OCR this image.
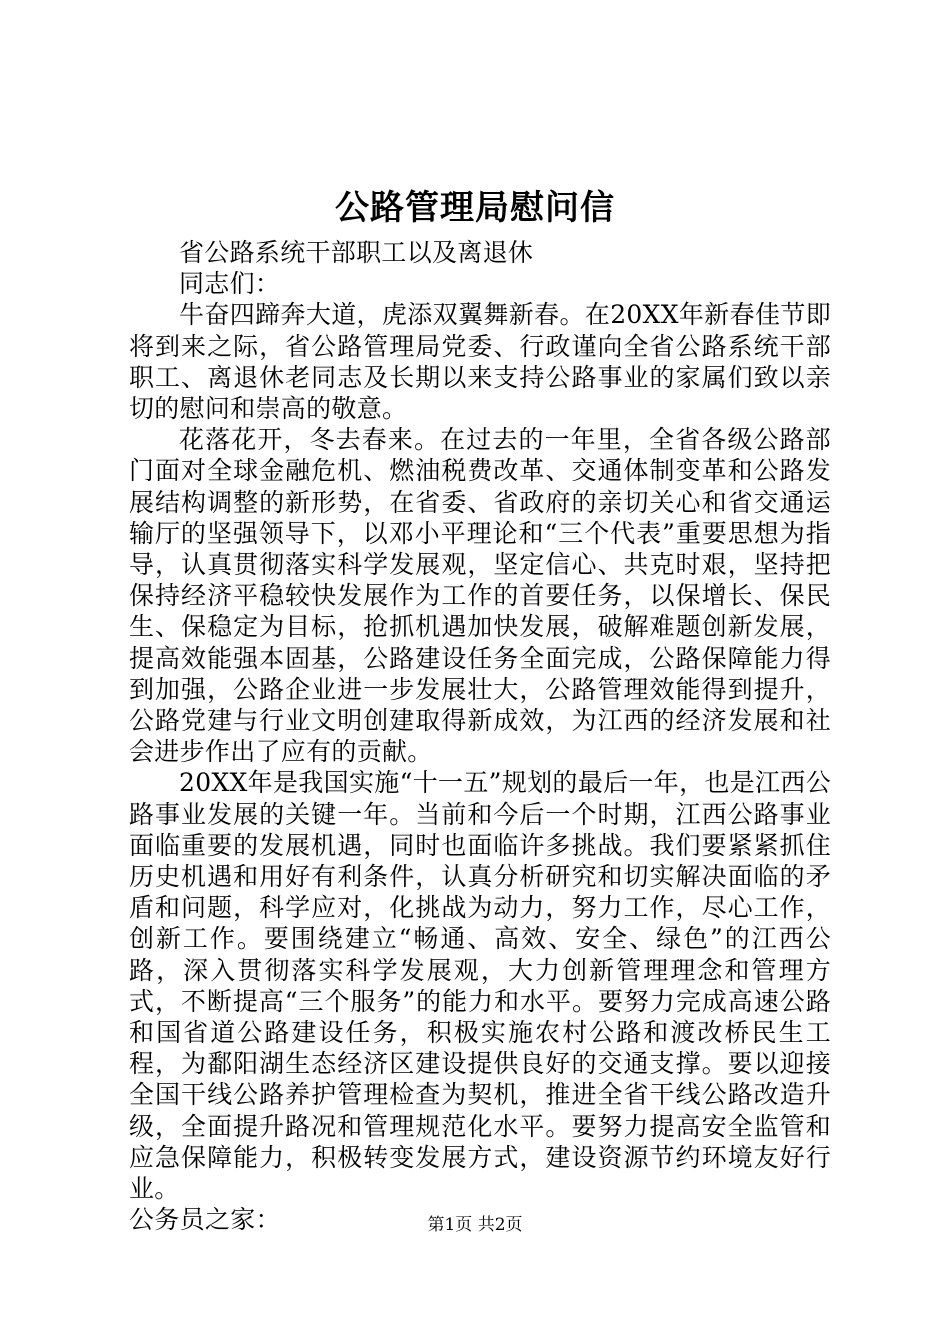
公路管理局慰问信

省公路系统干部职工以及离退休

同志们：

牛奋四蹄奔大道，虎添双翼舞新春。在20XX年新春佳节即将到来之际，省公路管理局党委、行政谨向全省公路系统干部职工、离退休老同志及长期以来支持公路事业的家属们致以亲切的慰问和崇高的敬意。

花落花开，冬去春来。在过去的一年里，全省各级公路部门面对全球金融危机、燃油税费改革、交通体制变革和公路发展结构调整的新形势，在省委、省政府的亲切关心和省交通运输厅的坚强领导下，以邓小平理论和“三个代表”重要思想为指导，认真贯彻落实科学发展观，坚定信心、共克时艰，坚持把保持经济平稳较快发展作为工作的首要任务，以保增长、保民生、保稳定为目标，抢抓机遇加快发展，破解难题创新发展，提高效能强本固基，公路建设任务全面完成，公路保障能力得到加强，公路企业进一步发展壮大，公路管理效能得到提升，公路党建与行业文明创建取得新成效，为江西的经济发展和社会进步作出了应有的贡献。

20XX年是我国实施“十一五”规划的最后一年，也是江西公路事业发展的关键一年。当前和今后一个时期，江西公路事业面临重要的发展机遇，同时也面临许多挑战。我们要紧紧抓住历史机遇和用好有利条件，认真分析研究和切实解决面临的矛盾和问题，科学应对，化挑战为动力，努力工作，尽心工作，创新工作。要围绕建立“畅通、高效、安全、绿色”的江西公路，深入贯彻落实科学发展观，大力创新管理理念和管理方式，不断提高“三个服务”的能力和水平。要努力完成高速公路和国省道公路建设任务，积极实施农村公路和渡改桥民生工程，为鄱阳湖生态经济区建设提供良好的交通支撑。要以迎接全国干线公路养护管理检查为契机，推进全省干线公路改造升级，全面提升路况和管理规范化水平。要努力提高安全监管和应急保障能力，积极转变发展方式，建设资源节约环境友好行业。

公务员之家：	第1页 共2页
